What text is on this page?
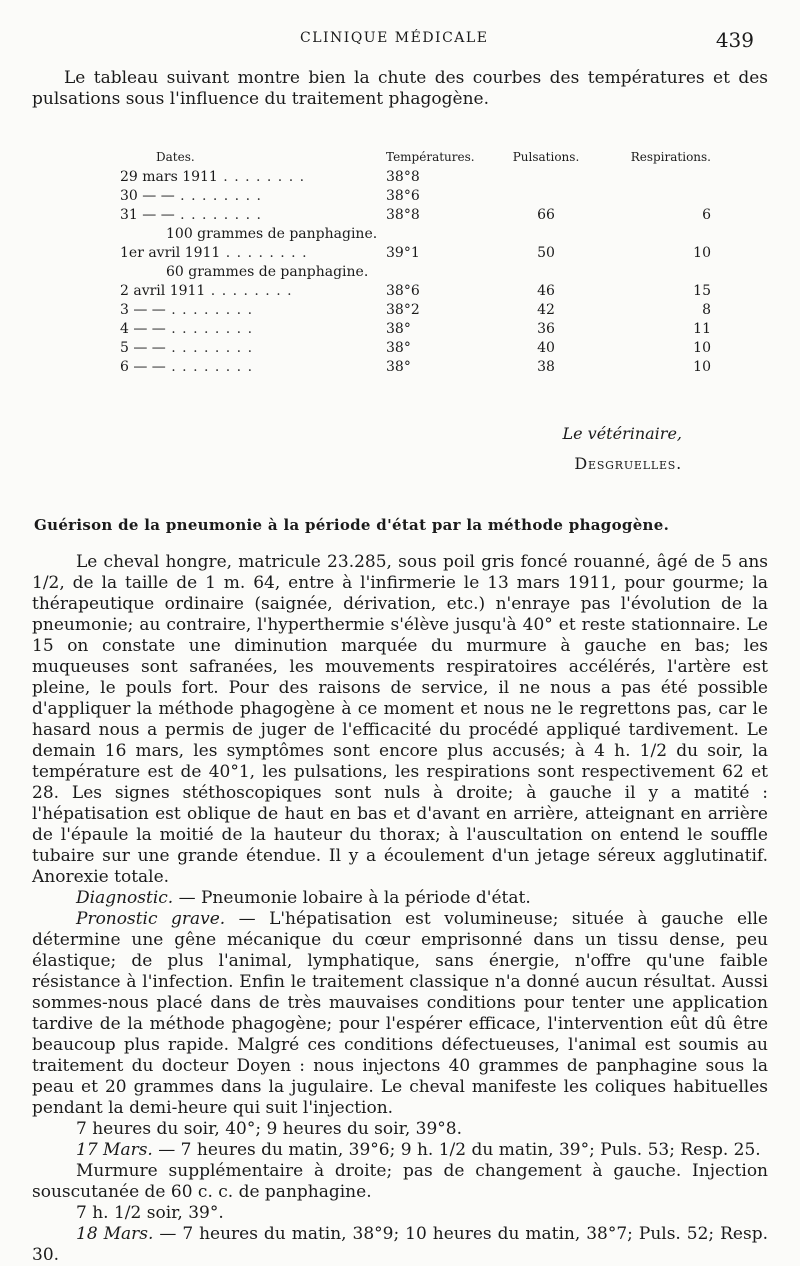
CLINIQUE MÉDICALE	439
Le tableau suivant montre bien la chute des courbes des températures et des pulsations sous l'influence du traitement phagogène.
Dates.	Températures.	Pulsations.	Respirations.
29 mars 1911 . . . . . . . .	38°8		
30 — — . . . . . . . .	38°6		
31 — — . . . . . . . .	38°8	66	6
100 grammes de panphagine.			
1er avril 1911 . . . . . . . .	39°1	50	10
60 grammes de panphagine.			
2 avril 1911 . . . . . . . .	38°6	46	15
3 — — . . . . . . . .	38°2	42	8
4 — — . . . . . . . .	38°	36	11
5 — — . . . . . . . .	38°	40	10
6 — — . . . . . . . .	38°	38	10
Le vétérinaire,
Desgruelles.
Guérison de la pneumonie à la période d'état par la méthode phagogène.

Le cheval hongre, matricule 23.285, sous poil gris foncé rouanné, âgé de 5 ans 1/2, de la taille de 1 m. 64, entre à l'infirmerie le 13 mars 1911, pour gourme; la thérapeutique ordinaire (saignée, dérivation, etc.) n'enraye pas l'évolution de la pneumonie; au contraire, l'hyperthermie s'élève jusqu'à 40° et reste stationnaire. Le 15 on constate une diminution marquée du murmure à gauche en bas; les muqueuses sont safranées, les mouvements respiratoires accélérés, l'artère est pleine, le pouls fort. Pour des raisons de service, il ne nous a pas été possible d'appliquer la méthode phagogène à ce moment et nous ne le regrettons pas, car le hasard nous a permis de juger de l'efficacité du procédé appliqué tardivement. Le demain 16 mars, les symptômes sont encore plus accusés; à 4 h. 1/2 du soir, la température est de 40°1, les pulsations, les respirations sont respectivement 62 et 28. Les signes stéthoscopiques sont nuls à droite; à gauche il y a matité : l'hépatisation est oblique de haut en bas et d'avant en arrière, atteignant en arrière de l'épaule la moitié de la hauteur du thorax; à l'auscultation on entend le souffle tubaire sur une grande étendue. Il y a écoulement d'un jetage séreux agglutinatif. Anorexie totale.

Diagnostic. — Pneumonie lobaire à la période d'état.

Pronostic grave. — L'hépatisation est volumineuse; située à gauche elle détermine une gêne mécanique du cœur emprisonné dans un tissu dense, peu élastique; de plus l'animal, lymphatique, sans énergie, n'offre qu'une faible résistance à l'infection. Enfin le traitement classique n'a donné aucun résultat. Aussi sommes-nous placé dans de très mauvaises conditions pour tenter une application tardive de la méthode phagogène; pour l'espérer efficace, l'intervention eût dû être beaucoup plus rapide. Malgré ces conditions défectueuses, l'animal est soumis au traitement du docteur Doyen : nous injectons 40 grammes de panphagine sous la peau et 20 grammes dans la jugulaire. Le cheval manifeste les coliques habituelles pendant la demi-heure qui suit l'injection.

7 heures du soir, 40°; 9 heures du soir, 39°8.

17 Mars. — 7 heures du matin, 39°6; 9 h. 1/2 du matin, 39°; Puls. 53; Resp. 25.

Murmure supplémentaire à droite; pas de changement à gauche. Injection souscutanée de 60 c. c. de panphagine.

7 h. 1/2 soir, 39°.

18 Mars. — 7 heures du matin, 38°9; 10 heures du matin, 38°7; Puls. 52; Resp. 30.
